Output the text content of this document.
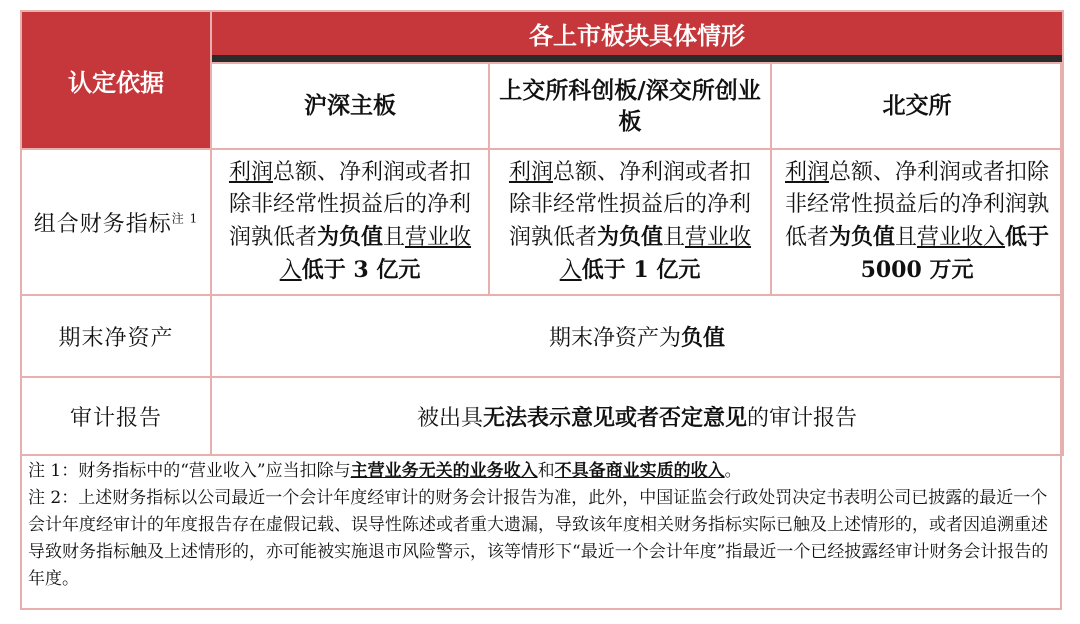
认定依据	各上市板块具体情形		

	沪深主板	上交所科创板/深交所创业板	北交所
组合财务指标$^{注 1}$	利润总额、净利润或者扣除非经常性损益后的净利润孰低者为负值且营业收入低于 3 亿元	利润总额、净利润或者扣除非经常性损益后的净利润孰低者为负值且营业收入低于 1 亿元	利润总额、净利润或者扣除非经常性损益后的净利润孰低者为负值且营业收入低于 5000 万元
期末净资产	期末净资产为负值		
审计报告	被出具无法表示意见或者否定意见的审计报告		

注 1：财务指标中的“营业收入”应当扣除与主营业务无关的业务收入和不具备商业实质的收入。

注 2：上述财务指标以公司最近一个会计年度经审计的财务会计报告为准，此外，中国证监会行政处罚决定书表明公司已披露的最近一个会计年度经审计的年度报告存在虚假记载、误导性陈述或者重大遗漏，导致该年度相关财务指标实际已触及上述情形的，或者因追溯重述导致财务指标触及上述情形的，亦可能被实施退市风险警示，该等情形下“最近一个会计年度”指最近一个已经披露经审计财务会计报告的年度。
